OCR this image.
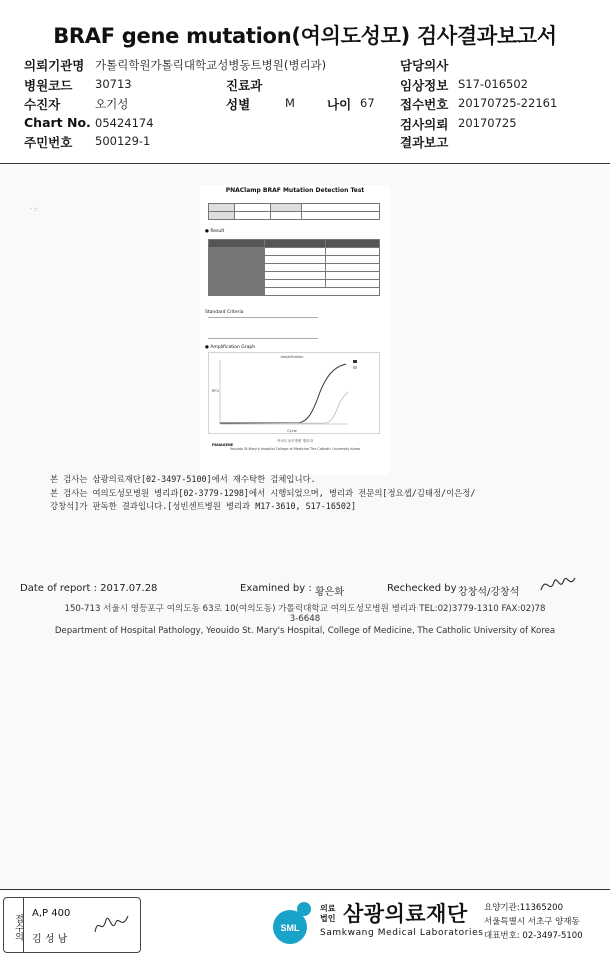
BRAF gene mutation(여의도성모) 검사결과보고서
의뢰기관명 가톨릭학원가톨릭대학교성병동트병원(병리과)	담당의사
병원코드 30713	진료과	임상정보 S17-016502
수진자	오기성	성별	M	나이 67 접수번호 20170725-22161
Chart No. 05424174	검사의뢰 20170725
주민번호 500129-1	결과보고
· :·
PNAClamp BRAF Mutation Detection Test

● Result

Standard Criteria
● Amplification Graph
Amplification
Cycle
RFU
여의도성모병원 병리과
Yeouido St.Mary's Hospital College of Medicine The Catholic University Korea
PANAGENE
본 검사는 삼광의료재단[02-3497-5100]에서 재수탁한 검체입니다.
본 검사는 여의도성모병원 병리과[02-3779-1298]에서 시행되었으며, 병리과 전문의[정요셉/김태정/이은정/
강창석]가 판독한 결과입니다.[성빈센트병원 병리과 M17-3610, S17-16502]
Date of report : 2017.07.28	Examined by : 황은화	Rechecked by :
강창석/강창석
150-713 서울시 영등포구 여의도동 63로 10(여의도동) 가톨릭대학교 여의도성모병원 병리과 TEL:02)3779-1310 FAX:02)78
3-6648
Department of Hospital Pathology, Yeouido St. Mary's Hospital, College of Medicine, The Catholic University of Korea
접수의 A,P 400
김 성 남
SML
의료
법인 삼광의료재단
Samkwang Medical Laboratories
요양기관:11365200
서울특별시 서초구 양재동
대표번호: 02-3497-5100
